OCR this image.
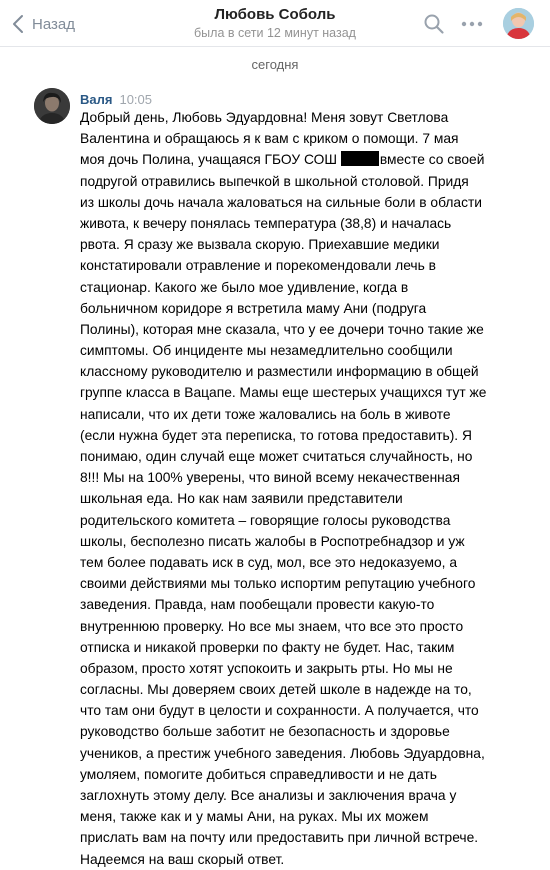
Назад
Любовь Соболь
была в сети 12 минут назад
сегодня
Валя 10:05
Добрый день, Любовь Эдуардовна! Меня зовут Светлова
Валентина и обращаюсь я к вам с криком о помощи. 7 мая
моя дочь Полина, учащаяся ГБОУ СОШ	вместе со своей
подругой отравились выпечкой в школьной столовой. Придя
из школы дочь начала жаловаться на сильные боли в области
живота, к вечеру понялась температура (38,8) и началась
рвота. Я сразу же вызвала скорую. Приехавшие медики
констатировали отравление и порекомендовали лечь в
стационар. Какого же было мое удивление, когда в
больничном коридоре я встретила маму Ани (подруга
Полины), которая мне сказала, что у ее дочери точно такие же
симптомы. Об инциденте мы незамедлительно сообщили
классному руководителю и разместили информацию в общей
группе класса в Вацапе. Мамы еще шестерых учащихся тут же
написали, что их дети тоже жаловались на боль в животе
(если нужна будет эта переписка, то готова предоставить). Я
понимаю, один случай еще может считаться случайность, но
8!!! Мы на 100% уверены, что виной всему некачественная
школьная еда. Но как нам заявили представители
родительского комитета – говорящие голосы руководства
школы, бесполезно писать жалобы в Роспотребнадзор и уж
тем более подавать иск в суд, мол, все это недоказуемо, а
своими действиями мы только испортим репутацию учебного
заведения. Правда, нам пообещали провести какую-то
внутреннюю проверку. Но все мы знаем, что все это просто
отписка и никакой проверки по факту не будет. Нас, таким
образом, просто хотят успокоить и закрыть рты. Но мы не
согласны. Мы доверяем своих детей школе в надежде на то,
что там они будут в целости и сохранности. А получается, что
руководство больше заботит не безопасность и здоровье
учеников, а престиж учебного заведения. Любовь Эдуардовна,
умоляем, помогите добиться справедливости и не дать
заглохнуть этому делу. Все анализы и заключения врача у
меня, также как и у мамы Ани, на руках. Мы их можем
прислать вам на почту или предоставить при личной встрече.
Надеемся на ваш скорый ответ.
